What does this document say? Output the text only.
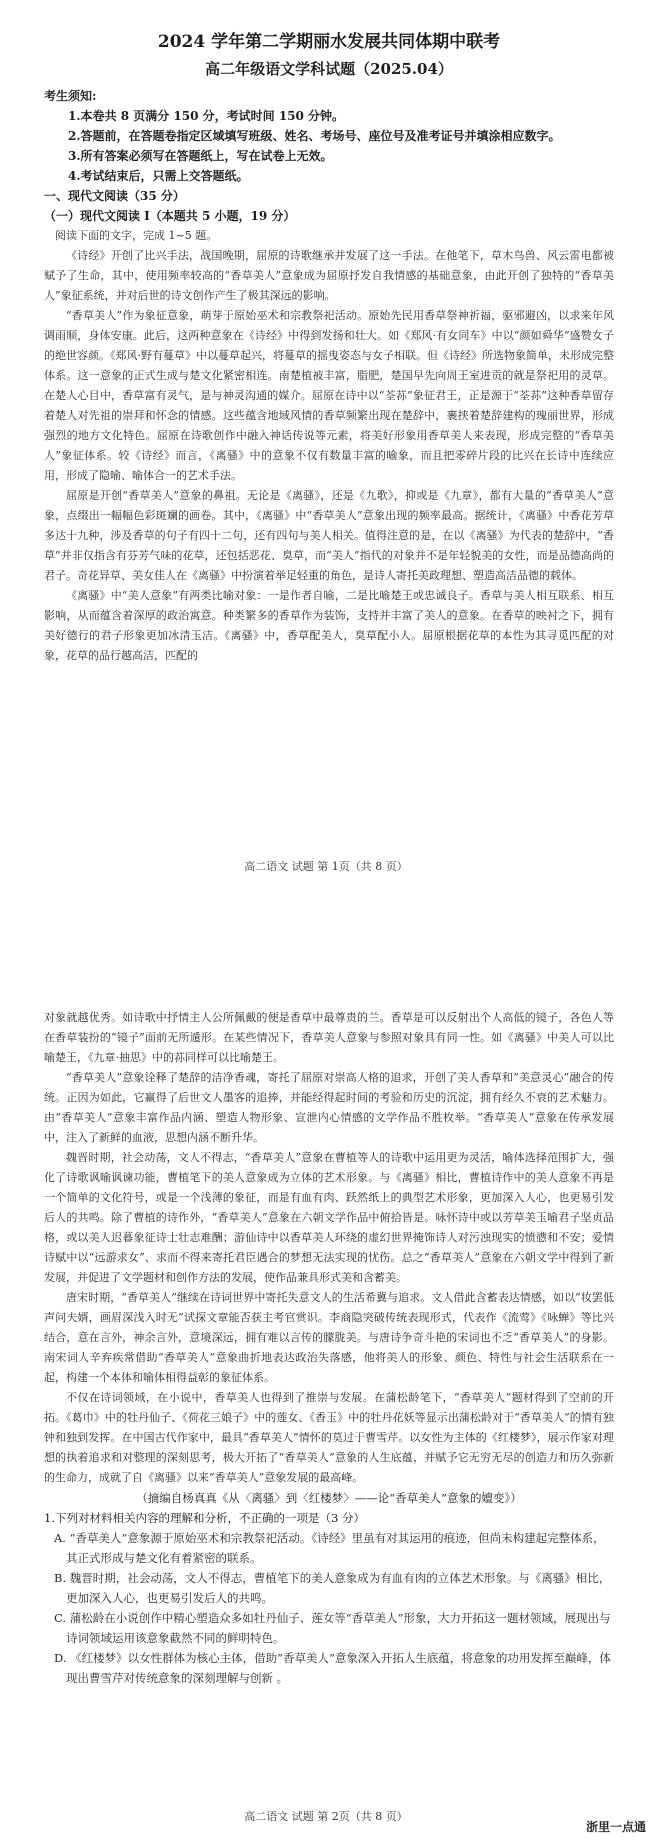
2024 学年第二学期丽水发展共同体期中联考
高二年级语文学科试题（2025.04）
考生须知:
1.本卷共 8 页满分 150 分，考试时间 150 分钟。
2.答题前，在答题卷指定区域填写班级、姓名、考场号、座位号及准考证号并填涂相应数字。
3.所有答案必须写在答题纸上，写在试卷上无效。
4.考试结束后，只需上交答题纸。
一、现代文阅读（35 分）
（一）现代文阅读 I（本题共 5 小题，19 分）
阅读下面的文字，完成 1~5 题。

《诗经》开创了比兴手法，战国晚期，屈原的诗歌继承并发展了这一手法。在他笔下，草木鸟兽、风云雷电都被赋予了生命，其中，使用频率较高的“香草美人”意象成为屈原抒发自我情感的基础意象，由此开创了独特的“香草美人”象征系统，并对后世的诗文创作产生了极其深远的影响。

“香草美人”作为象征意象，萌芽于原始巫术和宗教祭祀活动。原始先民用香草祭神祈福，驱邪避凶，以求来年风调雨顺，身体安康。此后，这两种意象在《诗经》中得到发扬和壮大。如《郑风·有女同车》中以“颜如舜华”盛赞女子的绝世容颜。《郑风·野有蔓草》中以蔓草起兴，将蔓草的摇曳姿态与女子相联。但《诗经》所选物象简单，未形成完整体系。这一意象的正式生成与楚文化紧密相连。南楚植被丰富，脂肥，楚国早先向周王室进贡的就是祭祀用的灵草。在楚人心目中，香草富有灵气，是与神灵沟通的媒介。屈原在诗中以“荃荪”象征君王，正是源于“荃荪”这种香草留存着楚人对先祖的崇拜和怀念的情感。这些蕴含地域风情的香草频繁出现在楚辞中，裹挟着楚辞建构的瑰丽世界，形成强烈的地方文化特色。屈原在诗歌创作中融入神话传说等元素，将美好形象用香草美人来表现，形成完整的“香草美人”象征体系。较《诗经》而言，《离骚》中的意象不仅有数量丰富的喻象，而且把零碎片段的比兴在长诗中连续应用，形成了隐喻、喻体合一的艺术手法。

屈原是开创“香草美人”意象的鼻祖。无论是《离骚》，还是《九歌》，抑或是《九章》，都有大量的“香草美人”意象，点缀出一幅幅色彩斑斓的画卷。其中，《离骚》中“香草美人”意象出现的频率最高。据统计，《离骚》中香花芳草多达十九种，涉及香草的句子有四十二句，还有四句与美人相关。值得注意的是，在以《离骚》为代表的楚辞中，“香草”并非仅指含有芬芳气味的花草，还包括恶花、臭草，而“美人”指代的对象并不是年轻貌美的女性，而是品德高尚的君子。奇花异草、美女佳人在《离骚》中扮演着举足轻重的角色，是诗人寄托美政理想、塑造高洁品德的载体。

《离骚》中“美人意象”有两类比喻对象：一是作者自喻，二是比喻楚王或忠诚良子。香草与美人相互联系、相互影响，从而蕴含着深厚的政治寓意。种类繁多的香草作为装饰，支持并丰富了美人的意象。在香草的映衬之下，拥有美好德行的君子形象更加冰清玉洁。《离骚》中，香草配美人，臭草配小人。屈原根据花草的本性为其寻觅匹配的对象，花草的品行越高洁，匹配的

高二语文 试题 第 1页（共 8 页）

对象就越优秀。如诗歌中抒情主人公所佩戴的便是香草中最尊贵的兰。香草是可以反射出个人高低的镜子，各色人等在香草装扮的“镜子”面前无所遁形。在某些情况下，香草美人意象与参照对象具有同一性。如《离骚》中美人可以比喻楚王，《九章·抽思》中的荪同样可以比喻楚王。

“香草美人”意象诠释了楚辞的洁净香魂，寄托了屈原对崇高人格的追求，开创了美人香草和“美意灵心”融合的传统。正因为如此，它赢得了后世文人墨客的追捧，并能经得起时间的考验和历史的沉淀，拥有经久不衰的艺术魅力。由“香草美人”意象丰富作品内涵、塑造人物形象、宣泄内心情感的文学作品不胜枚举。“香草美人”意象在传承发展中，注入了新鲜的血液，思想内涵不断升华。

魏晋时期，社会动荡，文人不得志，“香草美人”意象在曹植等人的诗歌中运用更为灵活，喻体选择范围扩大，强化了诗歌讽喻讽谏功能，曹植笔下的美人意象成为立体的艺术形象。与《离骚》相比，曹植诗作中的美人意象不再是一个简单的文化符号，或是一个浅薄的象征，而是有血有肉、跃然纸上的典型艺术形象，更加深入人心，也更易引发后人的共鸣。除了曹植的诗作外，“香草美人”意象在六朝文学作品中俯拾皆是。咏怀诗中或以芳草美玉喻君子坚贞品格，或以美人迟暮象征诗士壮志难酬；游仙诗中以香草美人环绕的虚幻世界掩饰诗人对污浊现实的愤懑和不安；爱情诗赋中以“远游求女”、求而不得来寄托君臣遇合的梦想无法实现的忧伤。总之“香草美人”意象在六朝文学中得到了新发展，并促进了文学题材和创作方法的发展，使作品兼具形式美和含蓄美。

唐宋时期，“香草美人”继续在诗词世界中寄托失意文人的生活希冀与追求。文人借此含蓄表达情感，如以“妆罢低声问夫婿，画眉深浅入时无”试探文章能否获主考官赏识。李商隐突破传统表现形式，代表作《流莺》《咏蝉》等比兴结合，意在言外，神余言外，意境深远，拥有难以言传的朦胧美。与唐诗争奇斗艳的宋词也不乏“香草美人”的身影。南宋词人辛弃疾常借助“香草美人”意象曲折地表达政治失落感，他将美人的形象、颜色、特性与社会生活联系在一起，构建一个本体和喻体相得益彰的象征体系。

不仅在诗词领域，在小说中，香草美人也得到了推崇与发展。在蒲松龄笔下，“香草美人”题材得到了空前的开拓。《葛巾》中的牡丹仙子、《荷花三娘子》中的莲女、《香玉》中的牡丹花妖等显示出蒲松龄对于“香草美人”的情有独钟和独到发挥。在中国古代作家中，最具“香草美人”情怀的莫过于曹雪芹。以女性为主体的《红楼梦》，展示作家对理想的执着追求和对整理的深刻思考，极大开拓了“香草美人”意象的人生底蕴，并赋予它无穷无尽的创造力和历久弥新的生命力，成就了自《离骚》以来“香草美人”意象发展的最高峰。

（摘编自杨真真《从〈离骚〉到〈红楼梦〉——论“香草美人”意象的嬗变》）
1.下列对材料相关内容的理解和分析，不正确的一项是（3 分）
A. “香草美人”意象源于原始巫术和宗教祭祀活动。《诗经》里虽有对其运用的痕迹，但尚未构建起完整体系，其正式形成与楚文化有着紧密的联系。
B. 魏晋时期，社会动荡，文人不得志，曹植笔下的美人意象成为有血有肉的立体艺术形象。与《离骚》相比，更加深入人心，也更易引发后人的共鸣。
C. 蒲松龄在小说创作中精心塑造众多如牡丹仙子、莲女等“香草美人”形象，大力开拓这一题材领域，展现出与诗词领域运用该意象截然不同的鲜明特色。
D. 《红楼梦》以女性群体为核心主体，借助“香草美人”意象深入开拓人生底蕴，将意象的功用发挥至巅峰，体现出曹雪芹对传统意象的深刻理解与创新 。
高二语文 试题 第 2页（共 8 页）
浙里一点通
